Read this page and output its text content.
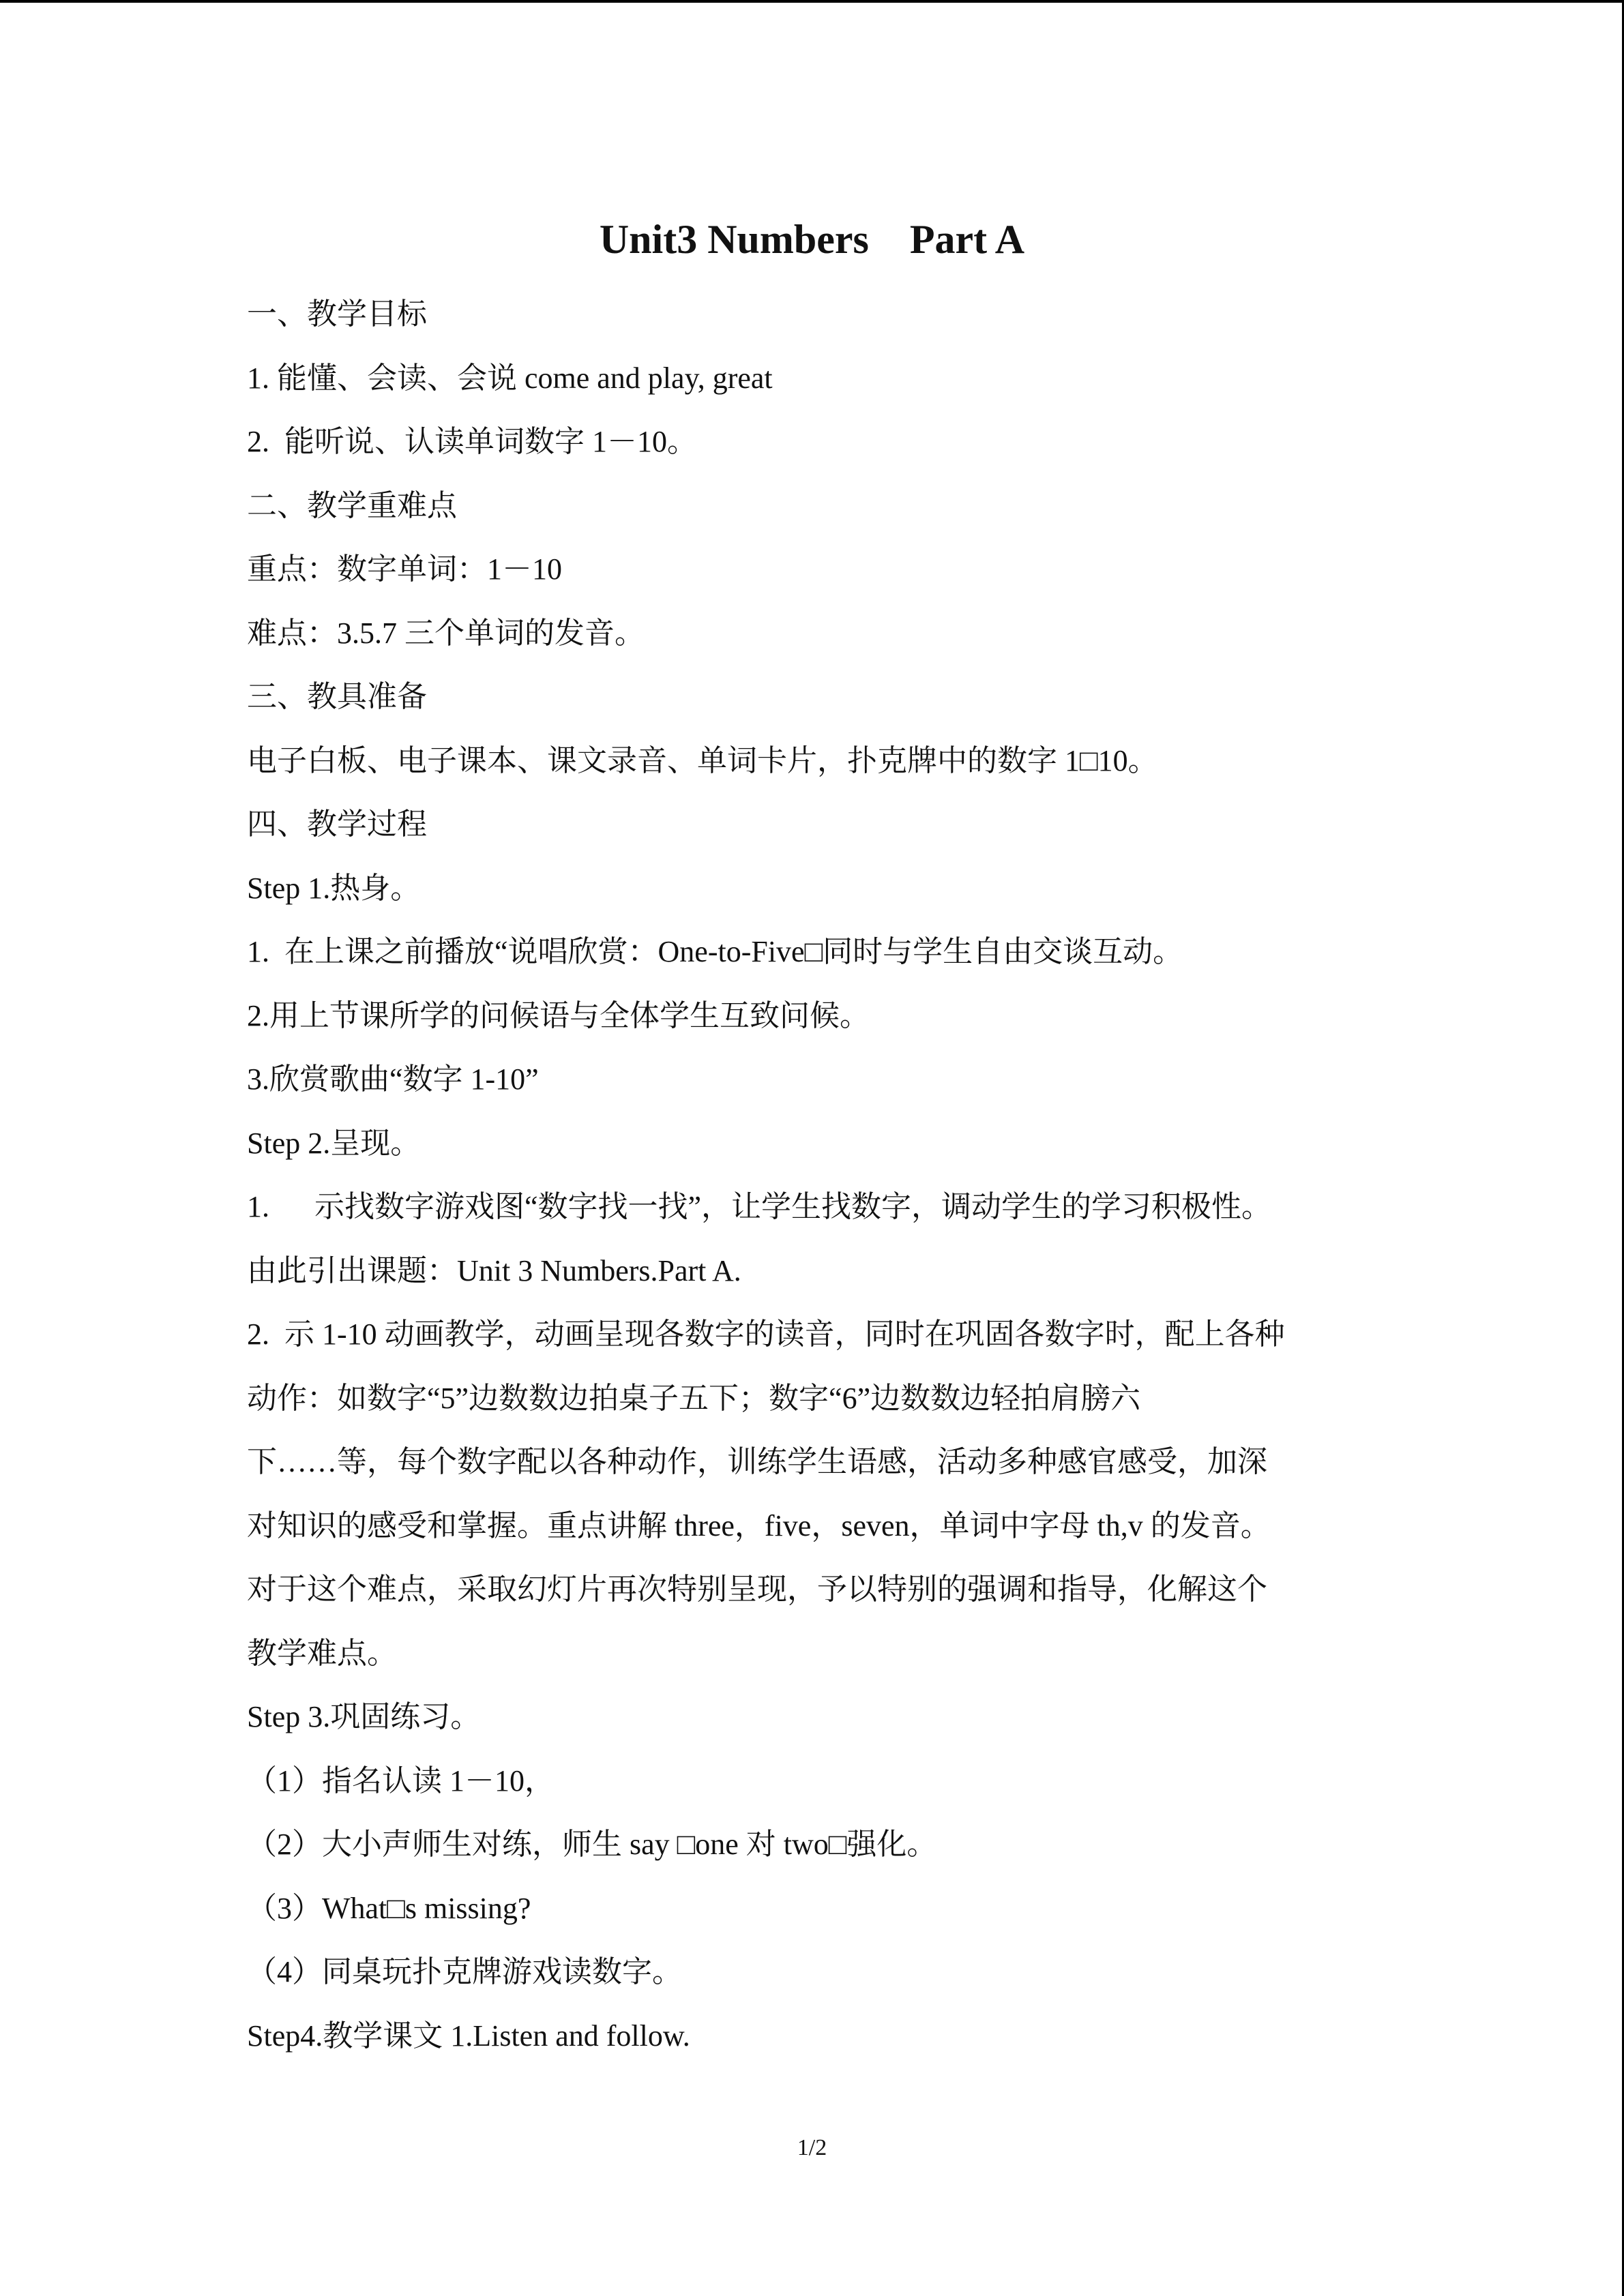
Unit3 Numbers    Part A
一、教学目标
1. 能懂、会读、会说 come and play, great
2.  能听说、认读单词数字 1－10。
二、教学重难点
重点：数字单词：1－10
难点：3.5.7 三个单词的发音。
三、教具准备
电子白板、电子课本、课文录音、单词卡片，扑克牌中的数字 1□10。
四、教学过程
Step 1.热身。
1.  在上课之前播放“说唱欣赏：One-to-Five□同时与学生自由交谈互动。
2.用上节课所学的问候语与全体学生互致问候。
3.欣赏歌曲“数字 1-10”
Step 2.呈现。
1.      示找数字游戏图“数字找一找”，让学生找数字，调动学生的学习积极性。
由此引出课题：Unit 3 Numbers.Part A.
2.  示 1-10 动画教学，动画呈现各数字的读音，同时在巩固各数字时，配上各种
动作：如数字“5”边数数边拍桌子五下；数字“6”边数数边轻拍肩膀六
下……等，每个数字配以各种动作，训练学生语感，活动多种感官感受，加深
对知识的感受和掌握。重点讲解 three，five，seven，单词中字母 th,v 的发音。
对于这个难点，采取幻灯片再次特别呈现，予以特别的强调和指导，化解这个
教学难点。
Step 3.巩固练习。
（1）指名认读 1－10，
（2）大小声师生对练，师生 say □one 对 two□强化。
（3）What□s missing?
（4）同桌玩扑克牌游戏读数字。
Step4.教学课文 1.Listen and follow.
1/2
